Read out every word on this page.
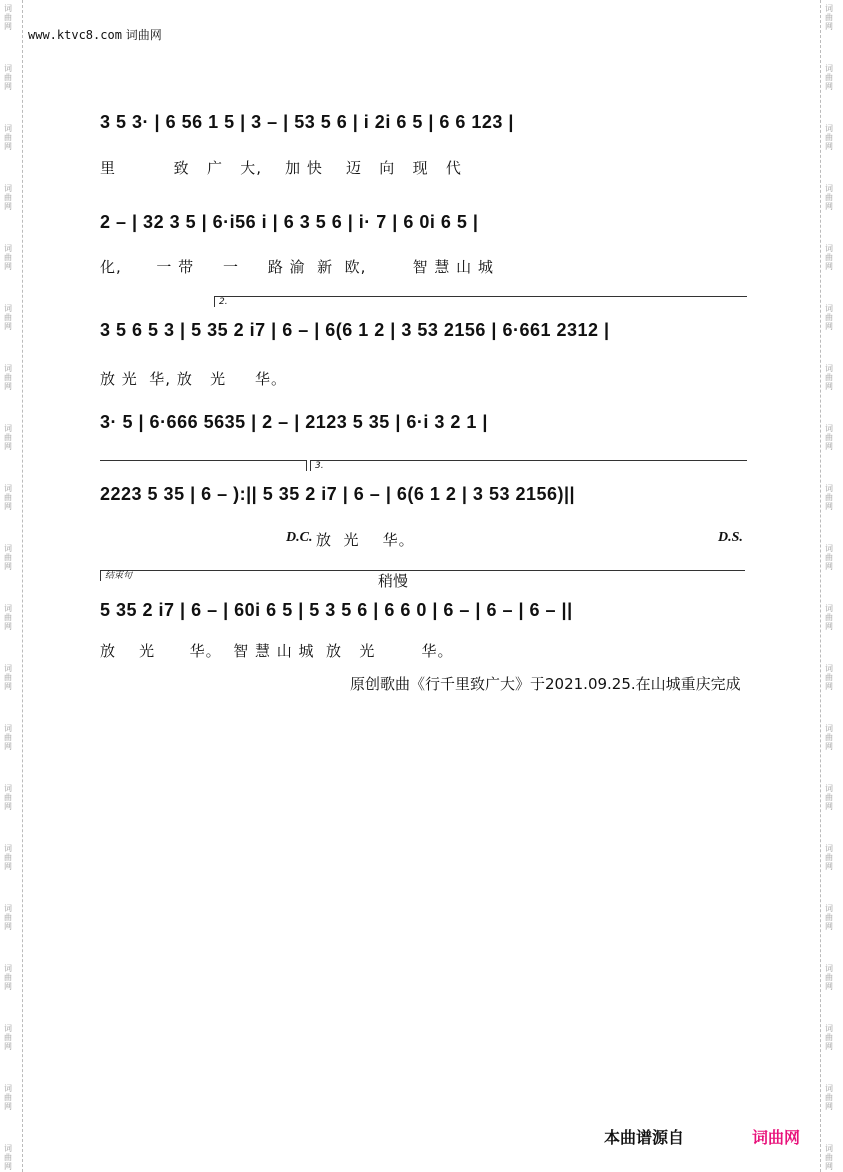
词
曲
网
词
曲
网
词
曲
网
词
曲
网
词
曲
网
词
曲
网
词
曲
网
词
曲
网
词
曲
网
词
曲
网
词
曲
网
词
曲
网
词
曲
网
词
曲
网
词
曲
网
词
曲
网
词
曲
网
词
曲
网
词
曲
网
词
曲
网
词
曲
网
词
曲
网
词
曲
网
词
曲
网
词
曲
网
词
曲
网
词
曲
网
词
曲
网
词
曲
网
词
曲
网
词
曲
网
词
曲
网
词
曲
网
词
曲
网
词
曲
网
词
曲
网
词
曲
网
词
曲
网
词
曲
网
词
曲
网
www.ktvc8.com 词曲网
3 5 3· | 6 56 1 5 | 3 – | 53 5 6 | i 2i 6 5 | 6 6 123 |
里          致   广   大,    加 快    迈   向   现   代
2 – | 32 3 5 | 6·i56 i | 6 3 5 6 | i· 7 | 6 0i 6 5 |
化,      一 带     一     路 渝  新  欧,        智 慧 山 城
2.
3 5 6 5 3 | 5 35 2 i7 | 6 – | 6(6 1 2 | 3 53 2156 | 6·661 2312 |
放 光  华, 放   光     华。
3· 5 | 6·666 5635 | 2 – | 2123 5 35 | 6·i 3 2 1 |
3.
2223 5 35 | 6 – ):|| 5 35 2 i7 | 6 – | 6(6 1 2 | 3 53 2156)||
D.C. 放  光    华。	D.S.
结束句	稍慢
5 35 2 i7 | 6 – | 60i 6 5 | 5 3 5 6 | 6 6 0 | 6 – | 6 – | 6 – ||
放    光      华。  智 慧 山 城  放   光        华。
原创歌曲《行千里致广大》于2021.09.25.在山城重庆完成
本曲谱源自	词曲网
